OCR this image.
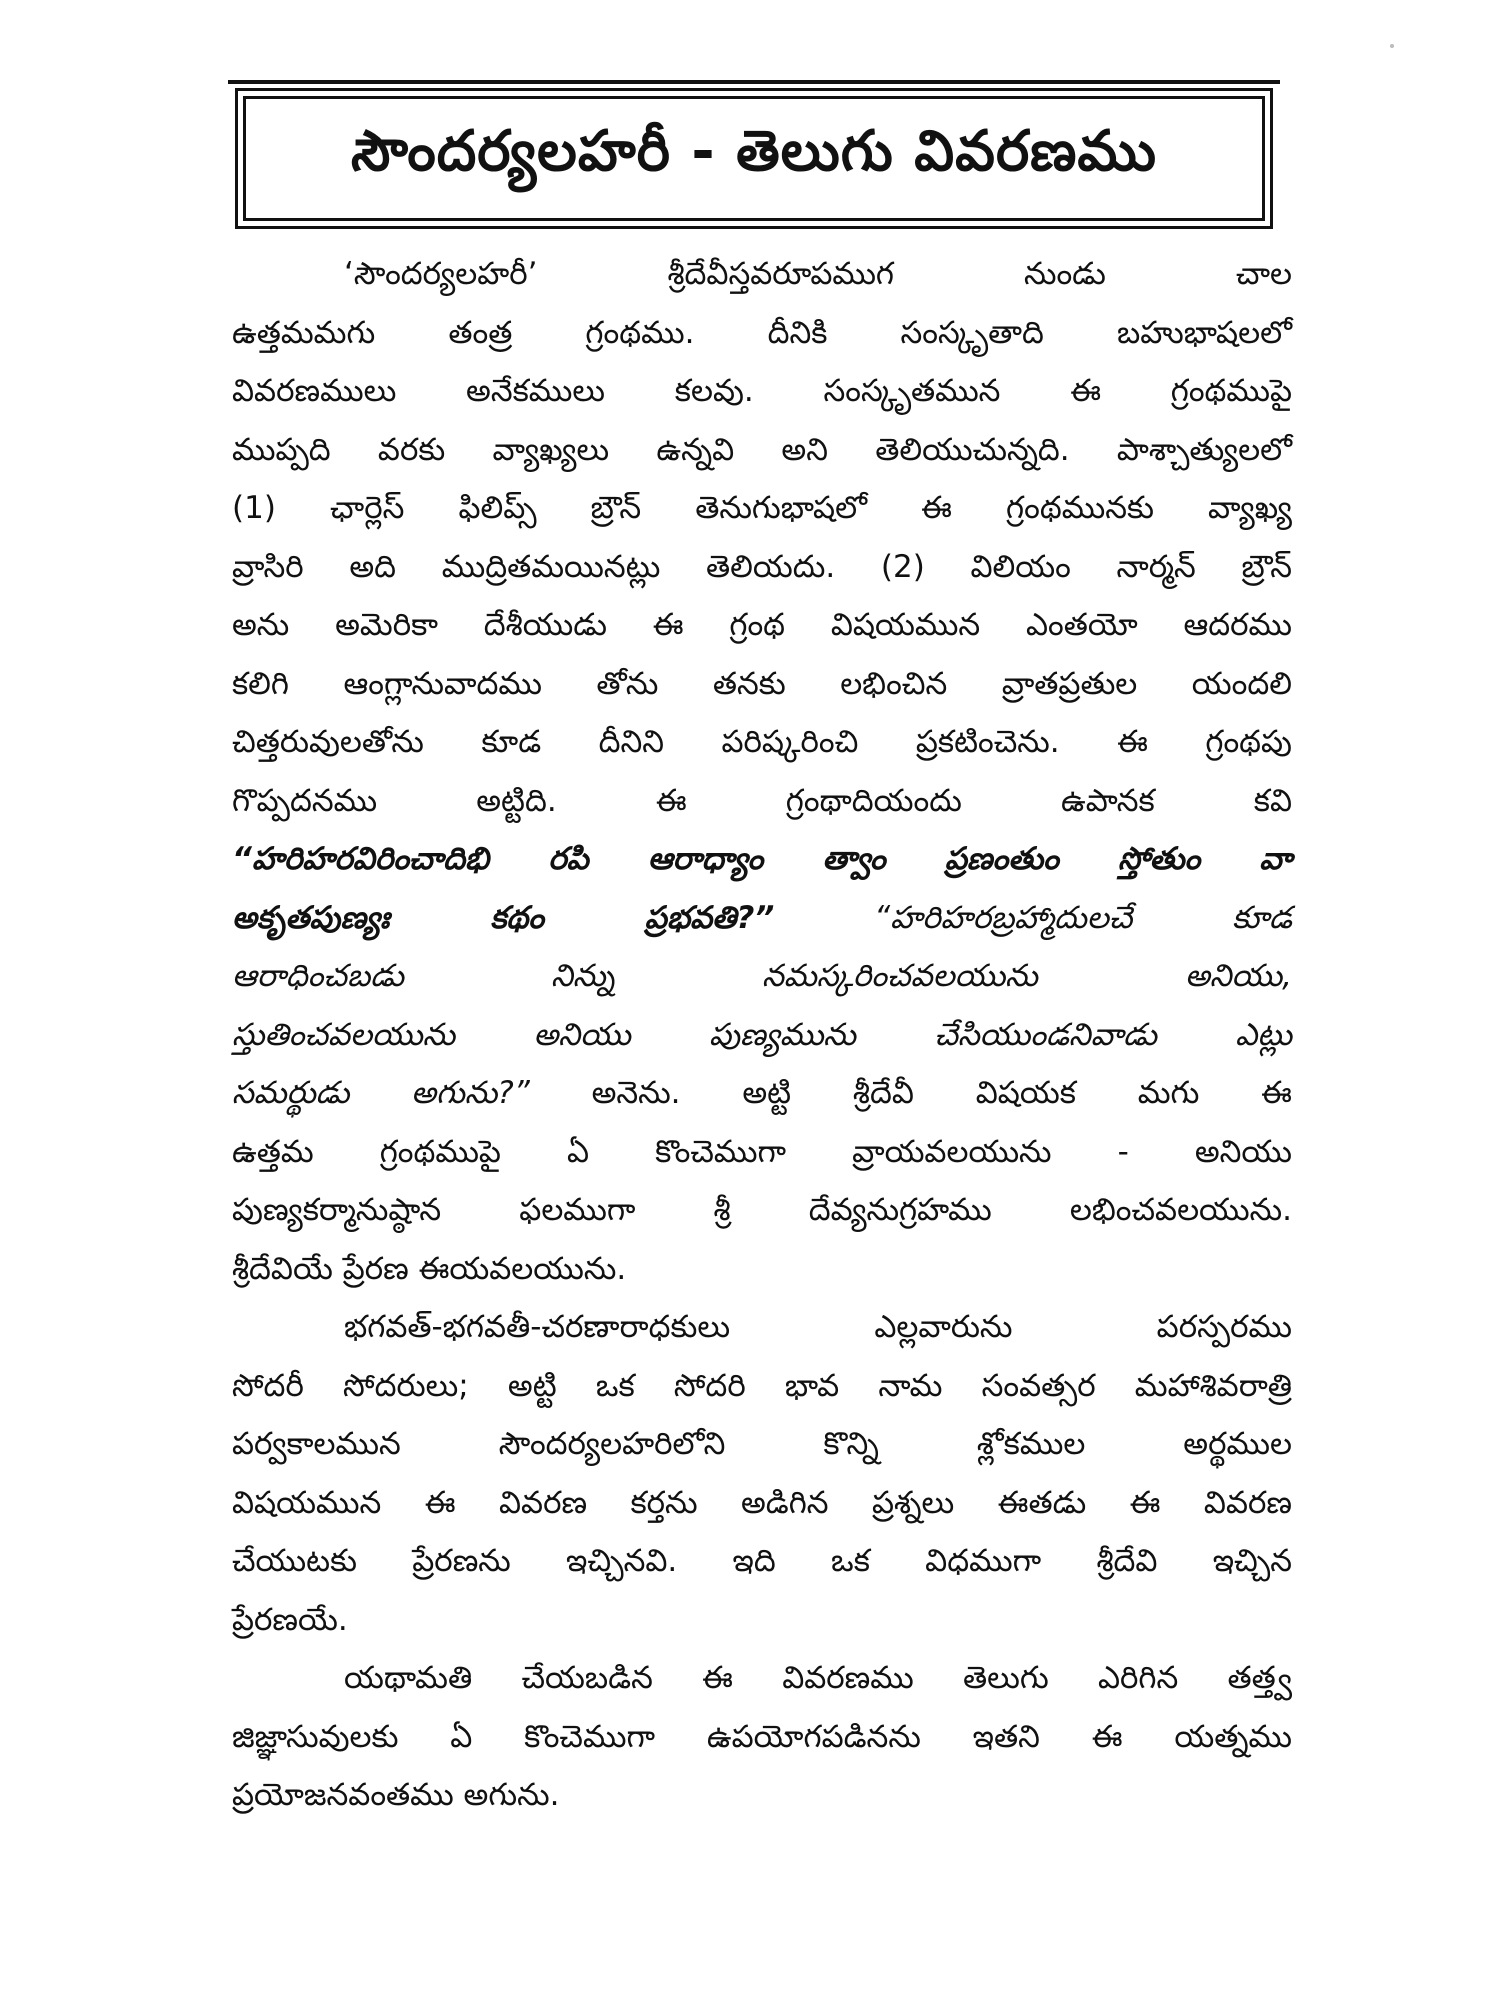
సౌందర్యలహరీ - తెలుగు వివరణము
‘సౌందర్యలహరీ’ శ్రీదేవీస్తవరూపముగ నుండు చాల
ఉత్తమమగు తంత్ర గ్రంథము. దీనికి సంస్కృతాది బహుభాషలలో
వివరణములు అనేకములు కలవు. సంస్కృతమున ఈ గ్రంథముపై
ముప్పది వరకు వ్యాఖ్యలు ఉన్నవి అని తెలియుచున్నది. పాశ్చాత్యులలో
(1) ఛార్లెస్ ఫిలిప్స్ బ్రౌన్ తెనుగుభాషలో ఈ గ్రంథమునకు వ్యాఖ్య
వ్రాసిరి అది ముద్రితమయినట్లు తెలియదు. (2) విలియం నార్మన్ బ్రౌన్
అను అమెరికా దేశీయుడు ఈ గ్రంథ విషయమున ఎంతయో ఆదరము
కలిగి ఆంగ్లానువాదము తోను తనకు లభించిన వ్రాతప్రతుల యందలి
చిత్తరువులతోను కూడ దీనిని పరిష్కరించి ప్రకటించెను. ఈ గ్రంథపు
గొప్పదనము అట్టిది. ఈ గ్రంథాదియందు ఉపానక కవి
“హరిహరవిరించాదిభి రపి ఆరాధ్యాం త్వాం ప్రణంతుం స్తోతుం వా
అకృతపుణ్యః కథం ప్రభవతి?”	“హరిహరబ్రహ్మాదులచే కూడ
ఆరాధించబడు నిన్ను నమస్కరించవలయును అనియు,
స్తుతించవలయును అనియు పుణ్యమును చేసియుండనివాడు ఎట్లు
సమర్థుడు అగును?” అనెను. అట్టి శ్రీదేవీ విషయక మగు ఈ
ఉత్తమ గ్రంథముపై ఏ కొంచెముగా వ్రాయవలయును - అనియు
పుణ్యకర్మానుష్ఠాన ఫలముగా శ్రీ దేవ్యనుగ్రహము లభించవలయును.
శ్రీదేవియే ప్రేరణ ఈయవలయును.
భగవత్-భగవతీ-చరణారాధకులు ఎల్లవారును పరస్పరము
సోదరీ సోదరులు; అట్టి ఒక సోదరి భావ నామ సంవత్సర మహాశివరాత్రి
పర్వకాలమున సౌందర్యలహరిలోని కొన్ని శ్లోకముల అర్థముల
విషయమున ఈ వివరణ కర్తను అడిగిన ప్రశ్నలు ఈతడు ఈ వివరణ
చేయుటకు ప్రేరణను ఇచ్చినవి. ఇది ఒక విధముగా శ్రీదేవి ఇచ్చిన
ప్రేరణయే.
యథామతి చేయబడిన ఈ వివరణము తెలుగు ఎరిగిన తత్త్వ
జిజ్ఞాసువులకు ఏ కొంచెముగా ఉపయోగపడినను ఇతని ఈ యత్నము
ప్రయోజనవంతము అగును.
